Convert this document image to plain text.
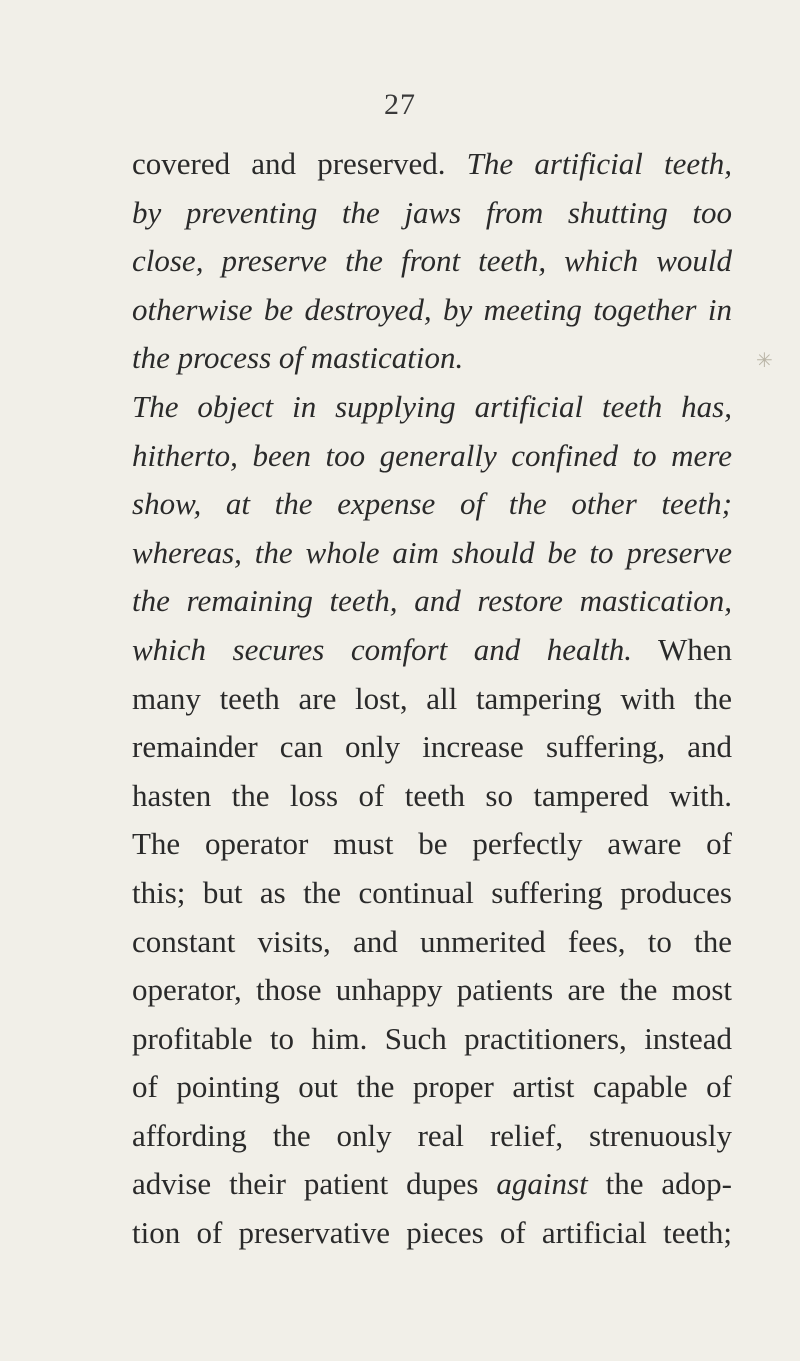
27
✳
covered and preserved. The artificial teeth,
by preventing the jaws from shutting too
close, preserve the front teeth, which would
otherwise be destroyed, by meeting together in
the process of mastication.
The object in supplying artificial teeth has,
hitherto, been too generally confined to mere
show, at the expense of the other teeth;
whereas, the whole aim should be to preserve
the remaining teeth, and restore mastication,
which secures comfort and health. When
many teeth are lost, all tampering with the
remainder can only increase suffering, and
hasten the loss of teeth so tampered with.
The operator must be perfectly aware of
this; but as the continual suffering produces
constant visits, and unmerited fees, to the
operator, those unhappy patients are the most
profitable to him. Such practitioners, instead
of pointing out the proper artist capable of
affording the only real relief, strenuously
advise their patient dupes against the adop-
tion of preservative pieces of artificial teeth;
